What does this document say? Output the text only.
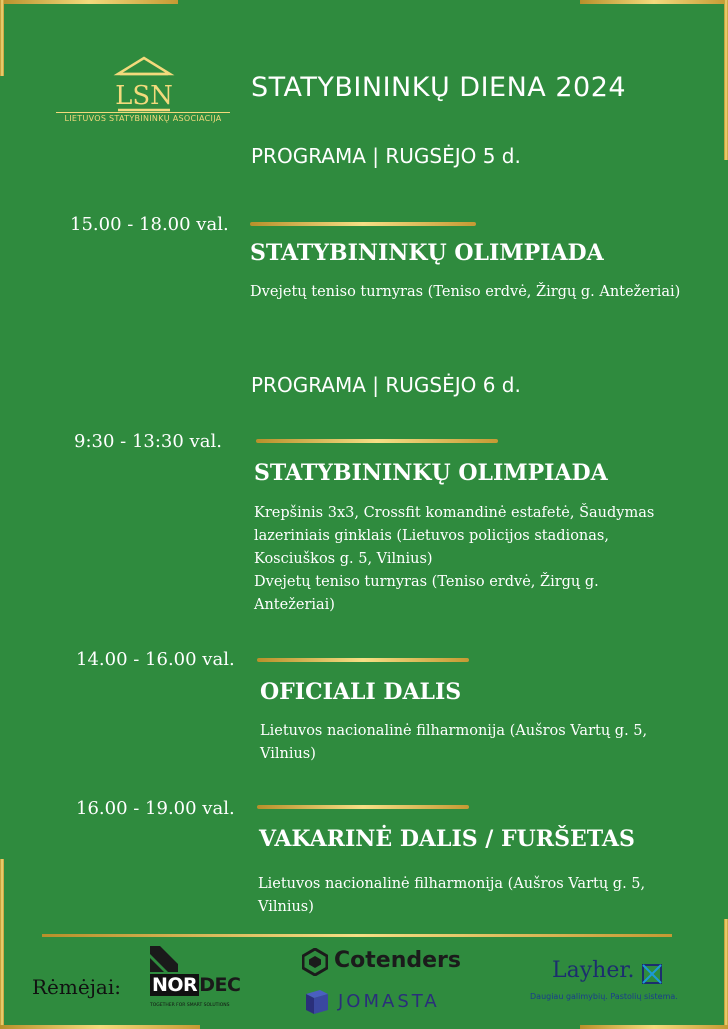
LSN
LIETUVOS STATYBININKŲ ASOCIACIJA
STATYBININKŲ DIENA 2024
PROGRAMA | RUGSĖJO 5 d.
15.00 - 18.00 val.
STATYBININKŲ OLIMPIADA
Dvejetų teniso turnyras (Teniso erdvė, Žirgų g. Antežeriai)
PROGRAMA | RUGSĖJO 6 d.
9:30 - 13:30 val.
STATYBININKŲ OLIMPIADA
Krepšinis 3x3, Crossfit komandinė estafetė, Šaudymas
lazeriniais ginklais (Lietuvos policijos stadionas,
Kosciuškos g. 5, Vilnius)
Dvejetų teniso turnyras (Teniso erdvė, Žirgų g.
Antežeriai)
14.00 - 16.00 val.
OFICIALI DALIS
Lietuvos nacionalinė filharmonija (Aušros Vartų g. 5,
Vilnius)
16.00 - 19.00 val.
VAKARINĖ DALIS / FURŠETAS
Lietuvos nacionalinė filharmonija (Aušros Vartų g. 5,
Vilnius)
Rėmėjai: NOR DEC
TOGETHER FOR SMART SOLUTIONS
Cotenders
JOMASTA
Layher.
Daugiau galimybių. Pastolių sistema.
